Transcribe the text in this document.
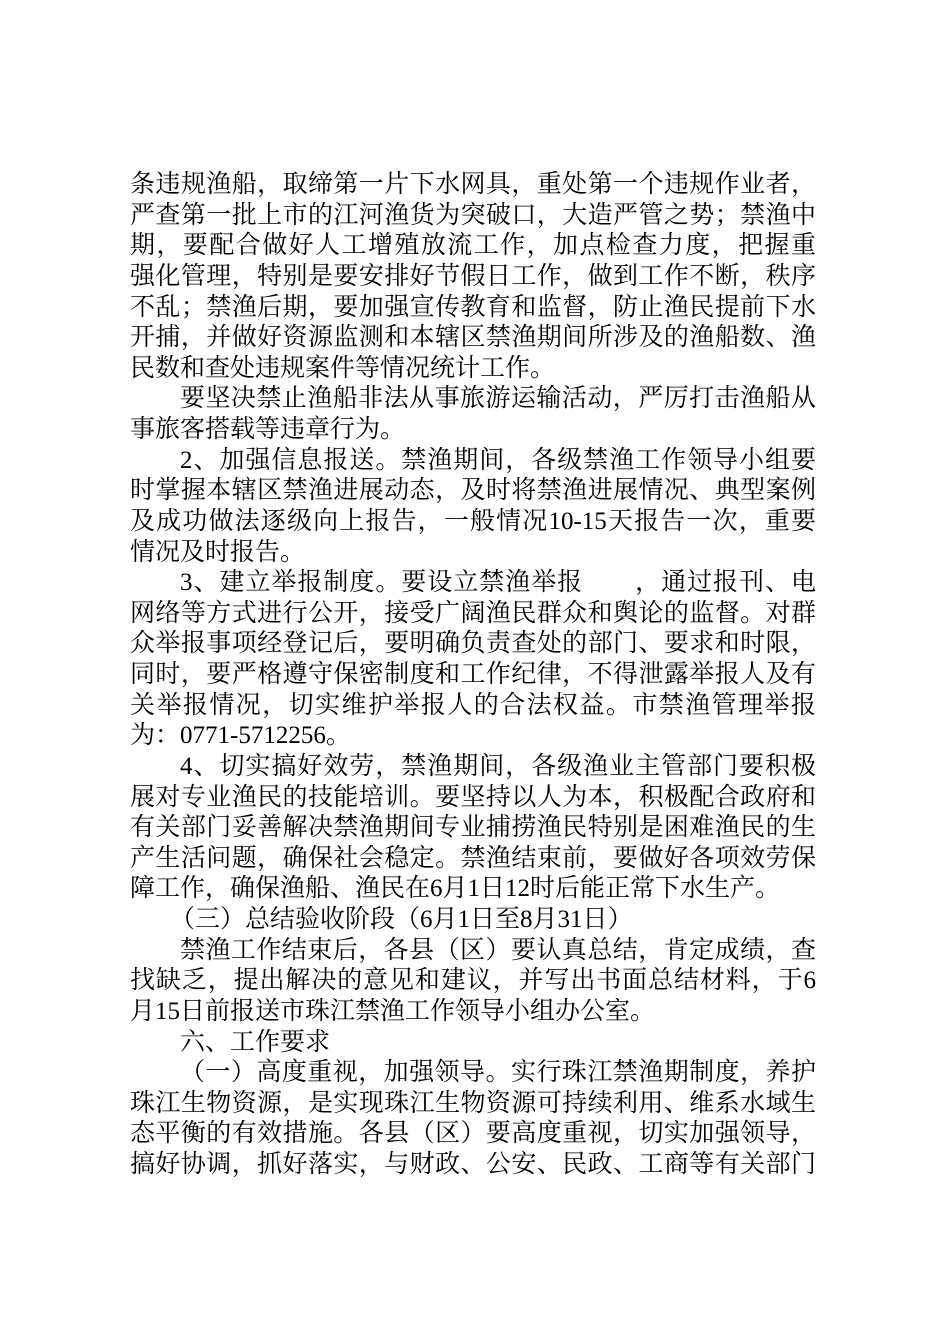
条违规渔船，取缔第一片下水网具，重处第一个违规作业者，
严查第一批上市的江河渔货为突破口，大造严管之势；禁渔中
期，要配合做好人工增殖放流工作，加点检查力度，把握重
强化管理，特别是要安排好节假日工作，做到工作不断，秩序
不乱；禁渔后期，要加强宣传教育和监督，防止渔民提前下水
开捕，并做好资源监测和本辖区禁渔期间所涉及的渔船数、渔
民数和查处违规案件等情况统计工作。
要坚决禁止渔船非法从事旅游运输活动，严厉打击渔船从
事旅客搭载等违章行为。
2、加强信息报送。禁渔期间，各级禁渔工作领导小组要
时掌握本辖区禁渔进展动态，及时将禁渔进展情况、典型案例
及成功做法逐级向上报告，一般情况10-15天报告一次，重要
情况及时报告。
3、建立举报制度。要设立禁渔举报　　，通过报刊、电
网络等方式进行公开，接受广阔渔民群众和舆论的监督。对群
众举报事项经登记后，要明确负责查处的部门、要求和时限，
同时，要严格遵守保密制度和工作纪律，不得泄露举报人及有
关举报情况，切实维护举报人的合法权益。市禁渔管理举报
为：0771-5712256。
4、切实搞好效劳，禁渔期间，各级渔业主管部门要积极
展对专业渔民的技能培训。要坚持以人为本，积极配合政府和
有关部门妥善解决禁渔期间专业捕捞渔民特别是困难渔民的生
产生活问题，确保社会稳定。禁渔结束前，要做好各项效劳保
障工作，确保渔船、渔民在6月1日12时后能正常下水生产。
（三）总结验收阶段（6月1日至8月31日）
禁渔工作结束后，各县（区）要认真总结，肯定成绩，查
找缺乏，提出解决的意见和建议，并写出书面总结材料，于6
月15日前报送市珠江禁渔工作领导小组办公室。
六、工作要求
（一）高度重视，加强领导。实行珠江禁渔期制度，养护
珠江生物资源，是实现珠江生物资源可持续利用、维系水域生
态平衡的有效措施。各县（区）要高度重视，切实加强领导，
搞好协调，抓好落实，与财政、公安、民政、工商等有关部门
